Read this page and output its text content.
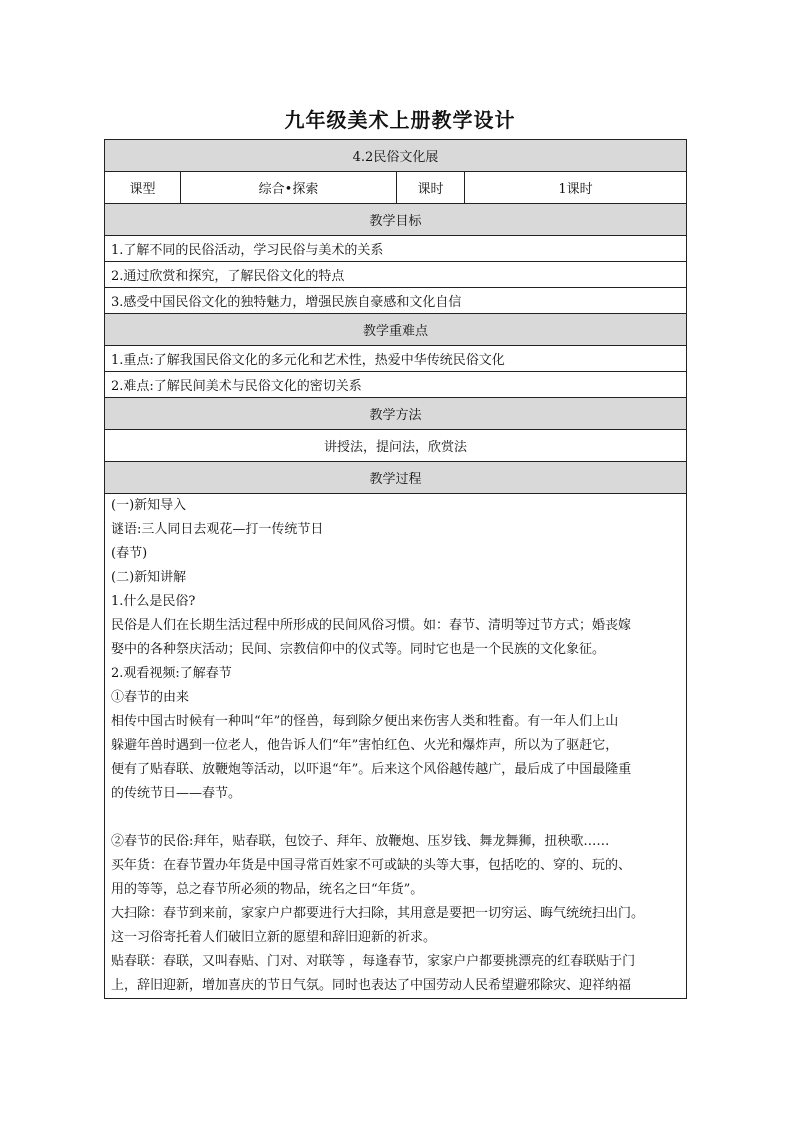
九年级美术上册教学设计
4.2民俗文化展
课型	综合•探索	课时	1课时
教学目标
1.了解不同的民俗活动，学习民俗与美术的关系
2.通过欣赏和探究，了解民俗文化的特点
3.感受中国民俗文化的独特魅力，增强民族自豪感和文化自信
教学重难点
1.重点:了解我国民俗文化的多元化和艺术性，热爱中华传统民俗文化
2.难点:了解民间美术与民俗文化的密切关系
教学方法
讲授法，提问法，欣赏法
教学过程

(一)新知导入
谜语:三人同日去观花—打一传统节日
(春节)
(二)新知讲解
1.什么是民俗?
民俗是人们在长期生活过程中所形成的民间风俗习惯。如：春节、清明等过节方式；婚丧嫁
娶中的各种祭庆活动；民间、宗教信仰中的仪式等。同时它也是一个民族的文化象征。
2.观看视频:了解春节
①春节的由来
相传中国古时候有一种叫“年”的怪兽，每到除夕便出来伤害人类和牲畜。有一年人们上山
躲避年兽时遇到一位老人，他告诉人们“年”害怕红色、火光和爆炸声，所以为了驱赶它，
便有了贴春联、放鞭炮等活动，以吓退“年”。后来这个风俗越传越广，最后成了中国最隆重
的传统节日——春节。
②春节的民俗:拜年，贴春联，包饺子、拜年、放鞭炮、压岁钱、舞龙舞狮，扭秧歌……
买年货：在春节置办年货是中国寻常百姓家不可或缺的头等大事，包括吃的、穿的、玩的、
用的等等，总之春节所必须的物品，统名之曰“年货”。
大扫除：春节到来前，家家户户都要进行大扫除，其用意是要把一切穷运、晦气统统扫出门。
这一习俗寄托着人们破旧立新的愿望和辞旧迎新的祈求。
贴春联：春联，又叫春贴、门对、对联等 ，每逢春节，家家户户都要挑漂亮的红春联贴于门
上，辞旧迎新，增加喜庆的节日气氛。同时也表达了中国劳动人民希望避邪除灾、迎祥纳福
